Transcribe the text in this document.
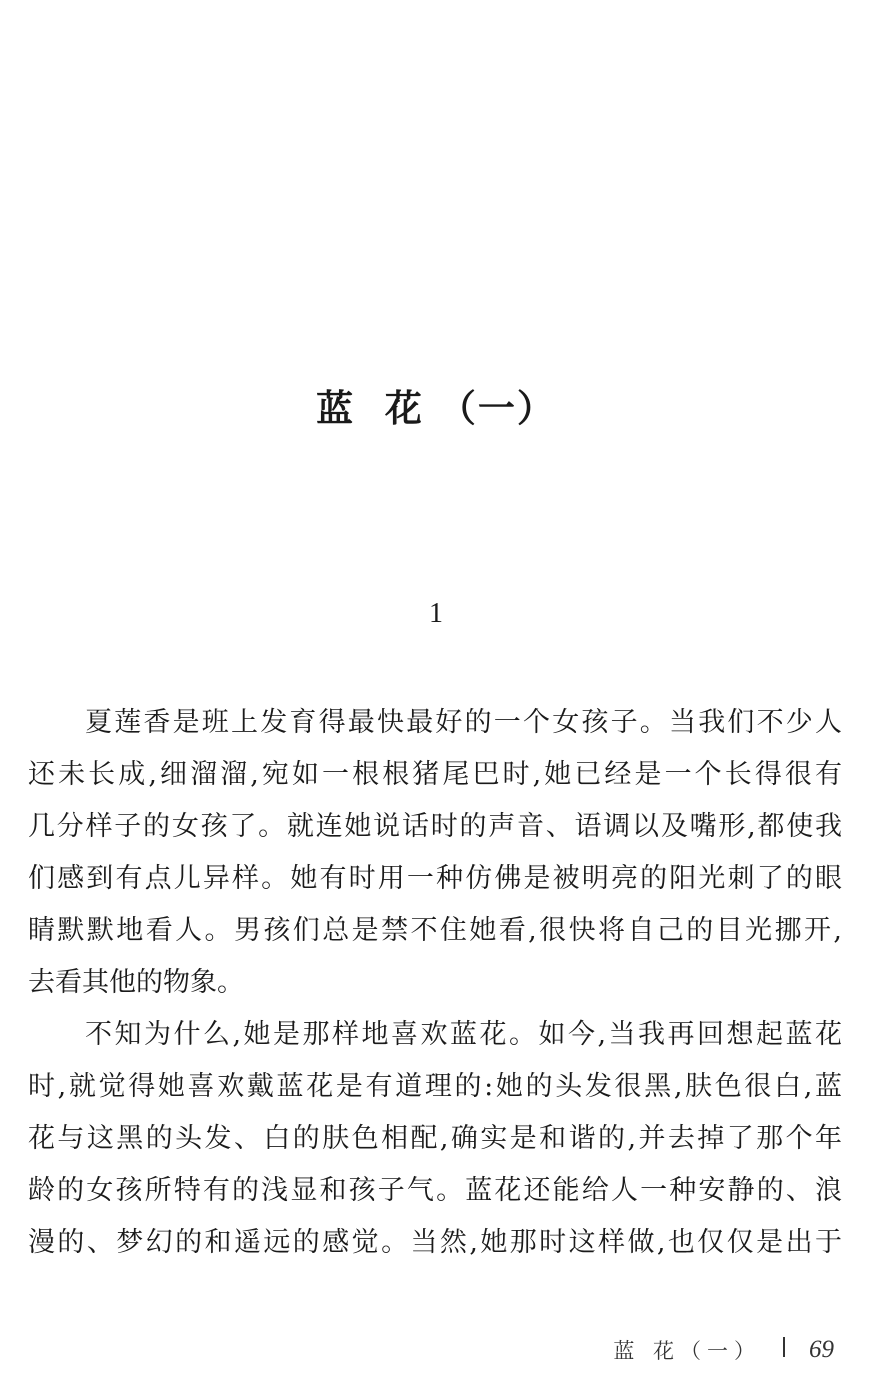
蓝  花 （一）
1

夏莲香是班上发育得最快最好的一个女孩子。当我们不少人
还未长成,细溜溜,宛如一根根猪尾巴时,她已经是一个长得很有
几分样子的女孩了。就连她说话时的声音、语调以及嘴形,都使我
们感到有点儿异样。她有时用一种仿佛是被明亮的阳光刺了的眼
睛默默地看人。男孩们总是禁不住她看,很快将自己的目光挪开,
去看其他的物象。

不知为什么,她是那样地喜欢蓝花。如今,当我再回想起蓝花
时,就觉得她喜欢戴蓝花是有道理的:她的头发很黑,肤色很白,蓝
花与这黑的头发、白的肤色相配,确实是和谐的,并去掉了那个年
龄的女孩所特有的浅显和孩子气。蓝花还能给人一种安静的、浪
漫的、梦幻的和遥远的感觉。当然,她那时这样做,也仅仅是出于

蓝 花（一） 69
